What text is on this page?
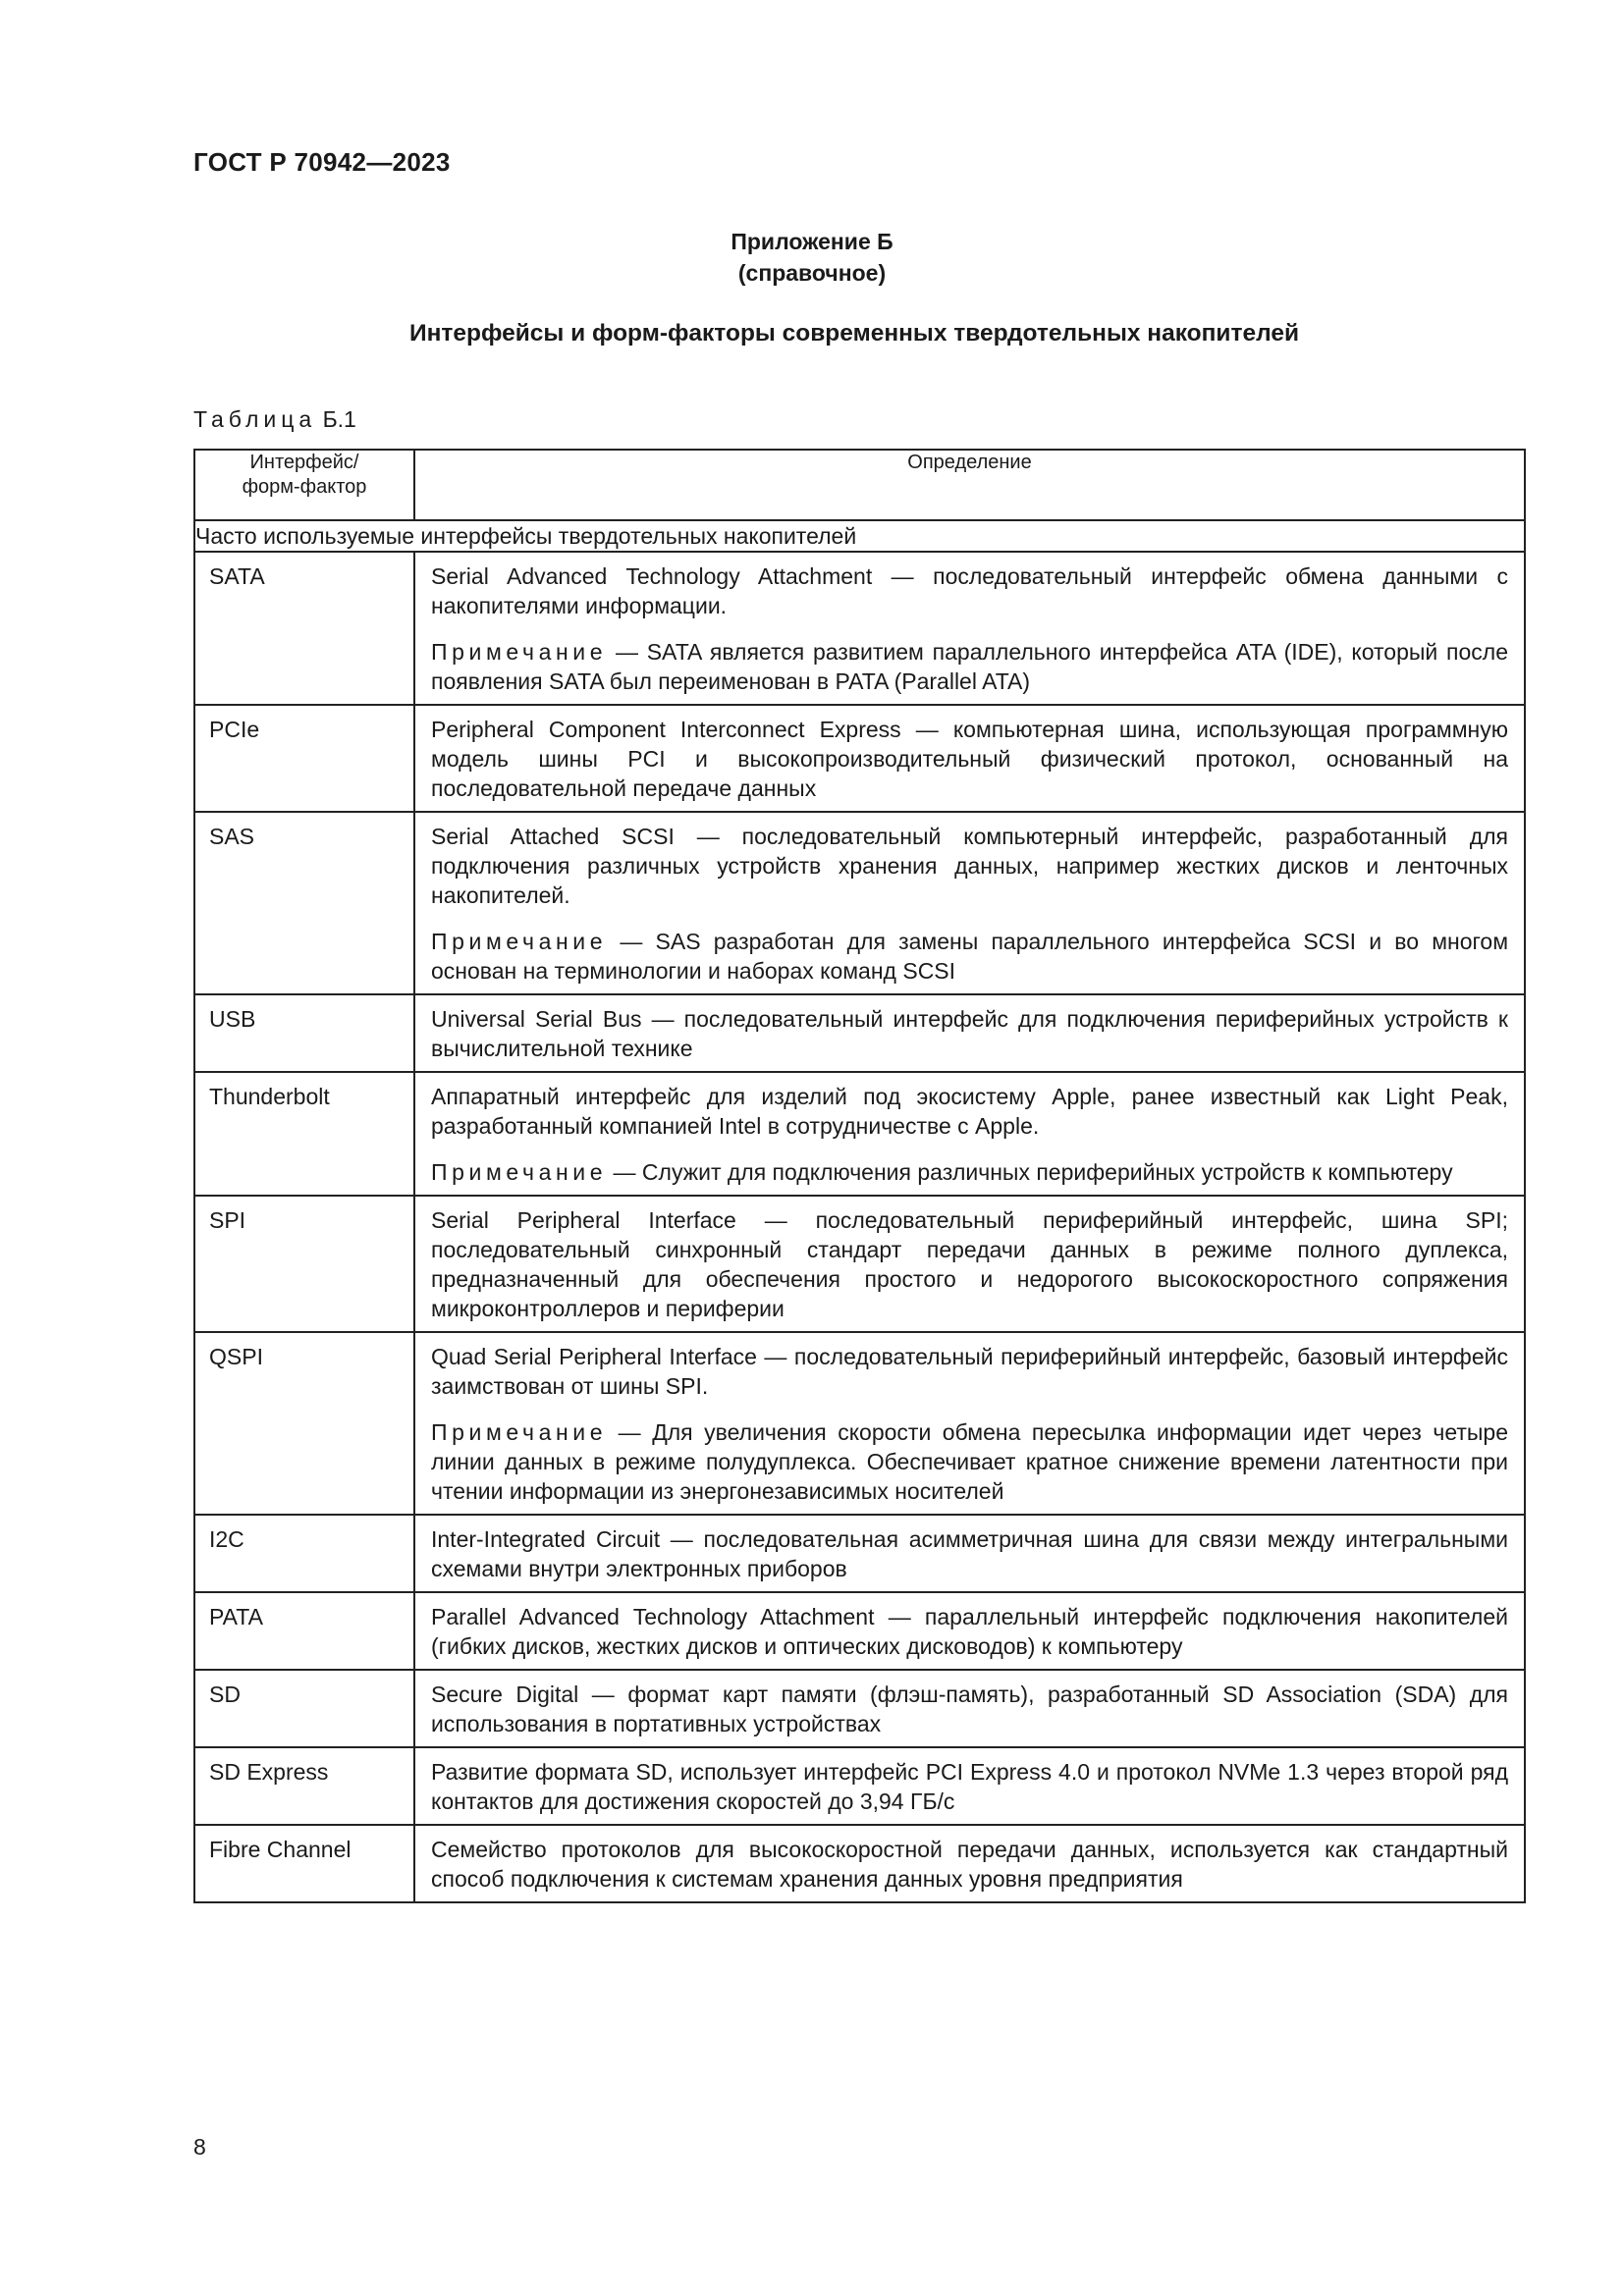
ГОСТ Р 70942—2023
Приложение Б
(справочное)
Интерфейсы и форм-факторы современных твердотельных накопителей
Таблица Б.1
Интерфейс/ форм-фактор	Определение
Часто используемые интерфейсы твердотельных накопителей	
SATA	Serial Advanced Technology Attachment — последовательный интерфейс обмена данными с накопителями информации.

Примечание — SATA является развитием параллельного интерфейса ATA (IDE), который после появления SATA был переименован в PATA (Parallel ATA)

PCIe	Peripheral Component Interconnect Express — компьютерная шина, использующая программную модель шины PCI и высокопроизводительный физический протокол, основанный на последовательной передаче данных

SAS	Serial Attached SCSI — последовательный компьютерный интерфейс, разработанный для подключения различных устройств хранения данных, например жестких дисков и ленточных накопителей.

Примечание — SAS разработан для замены параллельного интерфейса SCSI и во многом основан на терминологии и наборах команд SCSI

USB	Universal Serial Bus — последовательный интерфейс для подключения периферийных устройств к вычислительной технике

Thunderbolt	Аппаратный интерфейс для изделий под экосистему Apple, ранее известный как Light Peak, разработанный компанией Intel в сотрудничестве с Apple.

Примечание — Служит для подключения различных периферийных устройств к компьютеру

SPI	Serial Peripheral Interface — последовательный периферийный интерфейс, шина SPI; последовательный синхронный стандарт передачи данных в режиме полного дуплекса, предназначенный для обеспечения простого и недорогого высокоскоростного сопряжения микроконтроллеров и периферии

QSPI	Quad Serial Peripheral Interface — последовательный периферийный интерфейс, базовый интерфейс заимствован от шины SPI.

Примечание — Для увеличения скорости обмена пересылка информации идет через четыре линии данных в режиме полудуплекса. Обеспечивает кратное снижение времени латентности при чтении информации из энергонезависимых носителей

I2C	Inter-Integrated Circuit — последовательная асимметричная шина для связи между интегральными схемами внутри электронных приборов

PATA	Parallel Advanced Technology Attachment — параллельный интерфейс подключения накопителей (гибких дисков, жестких дисков и оптических дисководов) к компьютеру

SD	Secure Digital — формат карт памяти (флэш-память), разработанный SD Association (SDA) для использования в портативных устройствах

SD Express	Развитие формата SD, использует интерфейс PCI Express 4.0 и протокол NVMe 1.3 через второй ряд контактов для достижения скоростей до 3,94 ГБ/с

Fibre Channel	Семейство протоколов для высокоскоростной передачи данных, используется как стандартный способ подключения к системам хранения данных уровня предприятия

8
